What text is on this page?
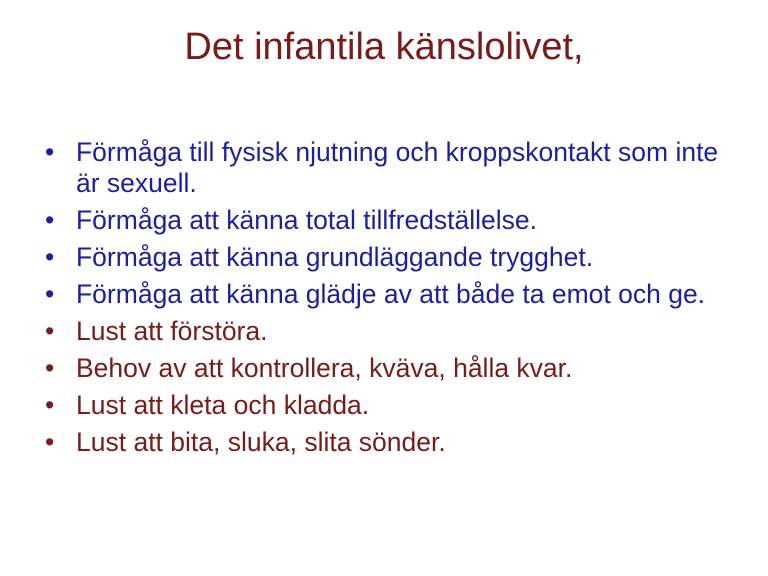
Det infantila känslolivet,
• Förmåga till fysisk njutning och kroppskontakt som inte är sexuell.
• Förmåga att känna total tillfredställelse.
• Förmåga att känna grundläggande trygghet.
• Förmåga att känna glädje av att både ta emot och ge.
• Lust att förstöra.
• Behov av att kontrollera, kväva, hålla kvar.
• Lust att kleta och kladda.
• Lust att bita, sluka, slita sönder.
